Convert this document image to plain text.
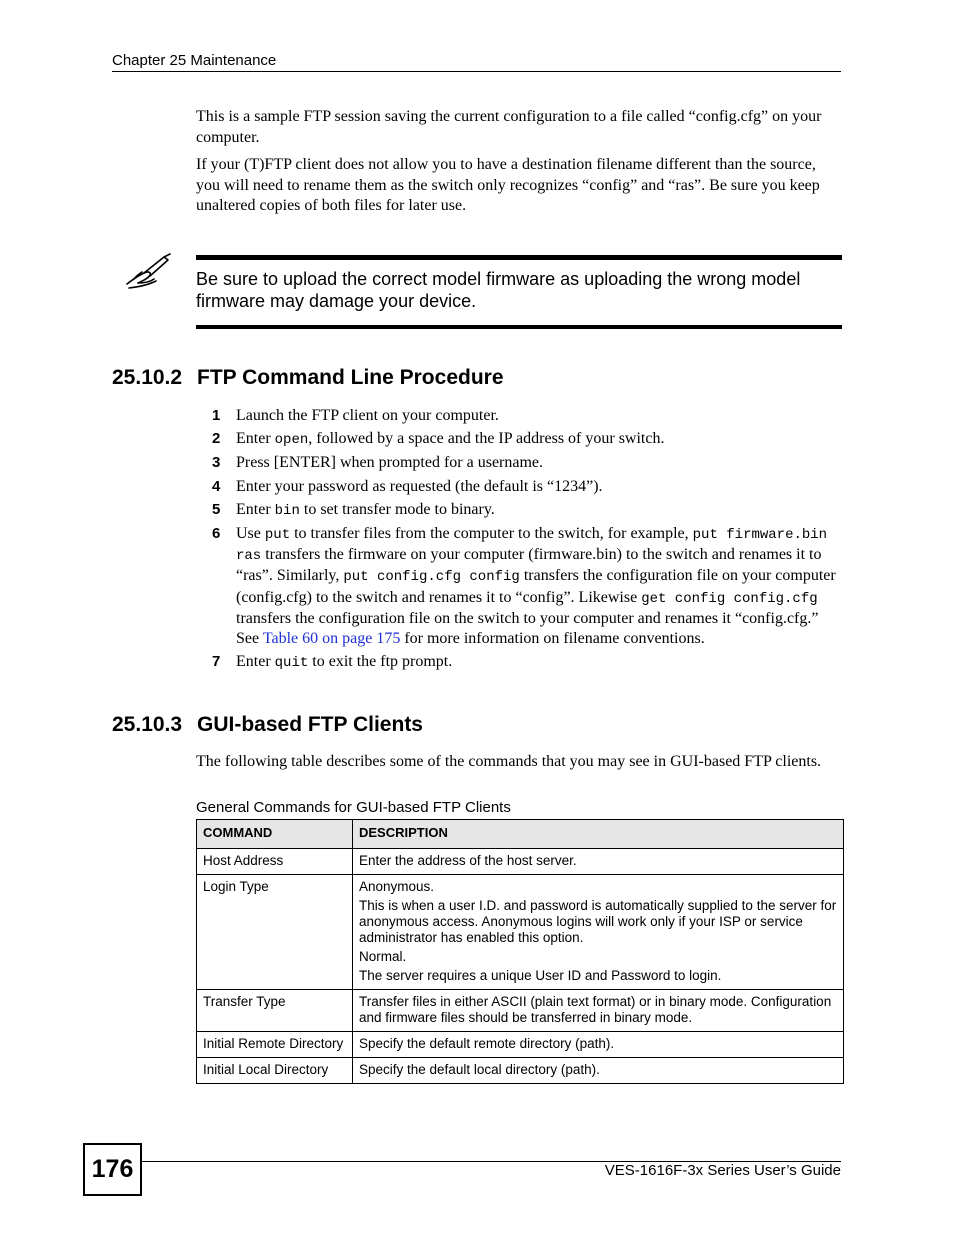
Chapter 25 Maintenance

This is a sample FTP session saving the current configuration to a file called “config.cfg” on your computer.

If your (T)FTP client does not allow you to have a destination filename different than the source, you will need to rename them as the switch only recognizes “config” and “ras”. Be sure you keep unaltered copies of both files for later use.

Be sure to upload the correct model firmware as uploading the wrong model firmware may damage your device.

25.10.2 FTP Command Line Procedure
1 Launch the FTP client on your computer.
2 Enter open, followed by a space and the IP address of your switch.
3 Press [ENTER] when prompted for a username.
4 Enter your password as requested (the default is “1234”).
5 Enter bin to set transfer mode to binary.
6 Use put to transfer files from the computer to the switch, for example, put firmware.bin ras transfers the firmware on your computer (firmware.bin) to the switch and renames it to “ras”. Similarly, put config.cfg config transfers the configuration file on your computer (config.cfg) to the switch and renames it to “config”. Likewise get config config.cfg transfers the configuration file on the switch to your computer and renames it “config.cfg.” See Table 60 on page 175 for more information on filename conventions.
7 Enter quit to exit the ftp prompt.
25.10.3 GUI-based FTP Clients

The following table describes some of the commands that you may see in GUI-based FTP clients.

General Commands for GUI-based FTP Clients
COMMAND	DESCRIPTION
Host Address	Enter the address of the host server.

Login Type	Anonymous.

This is when a user I.D. and password is automatically supplied to the server for anonymous access. Anonymous logins will work only if your ISP or service administrator has enabled this option.

Normal.

The server requires a unique User ID and Password to login.

Transfer Type	Transfer files in either ASCII (plain text format) or in binary mode. Configuration and firmware files should be transferred in binary mode.

Initial Remote Directory	Specify the default remote directory (path).

Initial Local Directory	Specify the default local directory (path).

176	VES-1616F-3x Series User’s Guide
